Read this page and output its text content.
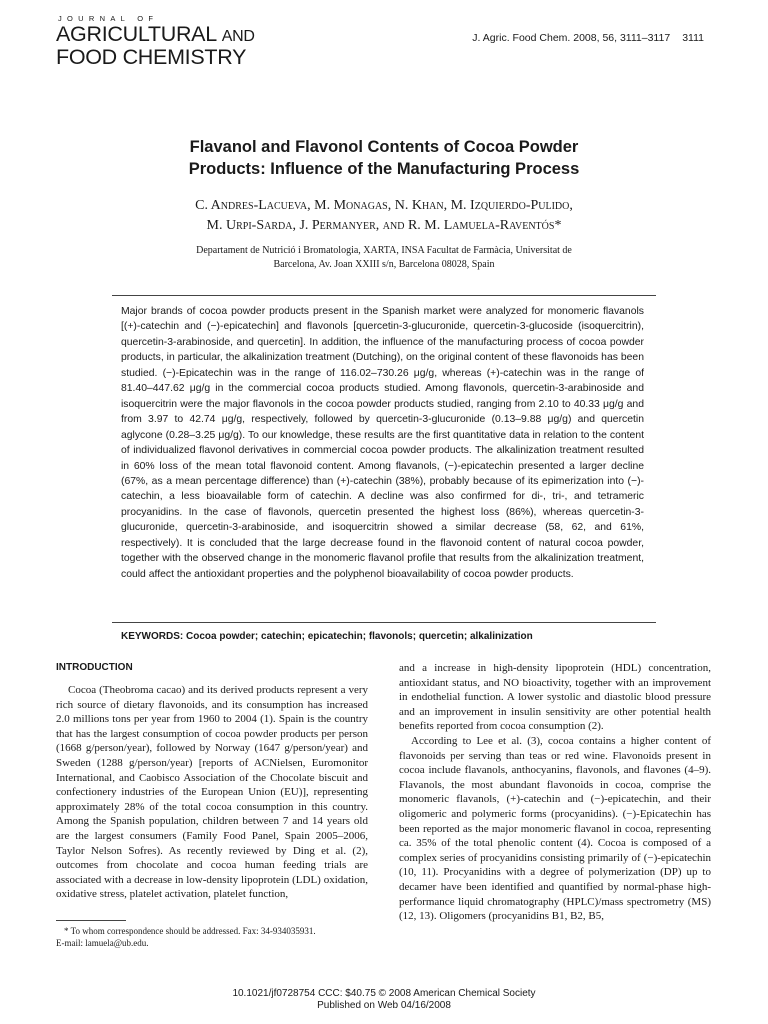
JOURNAL OF
AGRICULTURAL AND
FOOD CHEMISTRY
J. Agric. Food Chem. 2008, 56, 3111–3117 3111
Flavanol and Flavonol Contents of Cocoa Powder
Products: Influence of the Manufacturing Process
C. Andres-Lacueva, M. Monagas, N. Khan, M. Izquierdo-Pulido,
M. Urpi-Sarda, J. Permanyer, and R. M. Lamuela-Raventós*
Departament de Nutrició i Bromatologia, XARTA, INSA Facultat de Farmàcia, Universitat de
Barcelona, Av. Joan XXIII s/n, Barcelona 08028, Spain
Major brands of cocoa powder products present in the Spanish market were analyzed for monomeric flavanols [(+)-catechin and (−)-epicatechin] and flavonols [quercetin-3-glucuronide, quercetin-3-glucoside (isoquercitrin), quercetin-3-arabinoside, and quercetin]. In addition, the influence of the manufacturing process of cocoa powder products, in particular, the alkalinization treatment (Dutching), on the original content of these flavonoids has been studied. (−)-Epicatechin was in the range of 116.02–730.26 μg/g, whereas (+)-catechin was in the range of 81.40–447.62 μg/g in the commercial cocoa products studied. Among flavonols, quercetin-3-arabinoside and isoquercitrin were the major flavonols in the cocoa powder products studied, ranging from 2.10 to 40.33 μg/g and from 3.97 to 42.74 μg/g, respectively, followed by quercetin-3-glucuronide (0.13–9.88 μg/g) and quercetin aglycone (0.28–3.25 μg/g). To our knowledge, these results are the first quantitative data in relation to the content of individualized flavonol derivatives in commercial cocoa powder products. The alkalinization treatment resulted in 60% loss of the mean total flavonoid content. Among flavanols, (−)-epicatechin presented a larger decline (67%, as a mean percentage difference) than (+)-catechin (38%), probably because of its epimerization into (−)-catechin, a less bioavailable form of catechin. A decline was also confirmed for di-, tri-, and tetrameric procyanidins. In the case of flavonols, quercetin presented the highest loss (86%), whereas quercetin-3-glucuronide, quercetin-3-arabinoside, and isoquercitrin showed a similar decrease (58, 62, and 61%, respectively). It is concluded that the large decrease found in the flavonoid content of natural cocoa powder, together with the observed change in the monomeric flavanol profile that results from the alkalinization treatment, could affect the antioxidant properties and the polyphenol bioavailability of cocoa powder products.
KEYWORDS: Cocoa powder; catechin; epicatechin; flavonols; quercetin; alkalinization
INTRODUCTION

Cocoa (Theobroma cacao) and its derived products represent a very rich source of dietary flavonoids, and its consumption has increased 2.0 millions tons per year from 1960 to 2004 (1). Spain is the country that has the largest consumption of cocoa powder products per person (1668 g/person/year), followed by Norway (1647 g/person/year) and Sweden (1288 g/person/year) [reports of ACNielsen, Euromonitor International, and Caobisco Association of the Chocolate biscuit and confectionery industries of the European Union (EU)], representing approximately 28% of the total cocoa consumption in this country. Among the Spanish population, children between 7 and 14 years old are the largest consumers (Family Food Panel, Spain 2005–2006, Taylor Nelson Sofres). As recently reviewed by Ding et al. (2), outcomes from chocolate and cocoa human feeding trials are associated with a decrease in low-density lipoprotein (LDL) oxidation, oxidative stress, platelet activation, platelet function,

and a increase in high-density lipoprotein (HDL) concentration, antioxidant status, and NO bioactivity, together with an improvement in endothelial function. A lower systolic and diastolic blood pressure and an improvement in insulin sensitivity are other potential health benefits reported from cocoa consumption (2).

According to Lee et al. (3), cocoa contains a higher content of flavonoids per serving than teas or red wine. Flavonoids present in cocoa include flavanols, anthocyanins, flavonols, and flavones (4–9). Flavanols, the most abundant flavonoids in cocoa, comprise the monomeric flavanols, (+)-catechin and (−)-epicatechin, and their oligomeric and polymeric forms (procyanidins). (−)-Epicatechin has been reported as the major monomeric flavanol in cocoa, representing ca. 35% of the total phenolic content (4). Cocoa is composed of a complex series of procyanidins consisting primarily of (−)-epicatechin (10, 11). Procyanidins with a degree of polymerization (DP) up to decamer have been identified and quantified by normal-phase high-performance liquid chromatography (HPLC)/mass spectrometry (MS) (12, 13). Oligomers (procyanidins B1, B2, B5,

* To whom correspondence should be addressed. Fax: 34-934035931.
E-mail: lamuela@ub.edu.
10.1021/jf0728754 CCC: $40.75 © 2008 American Chemical Society
Published on Web 04/16/2008
